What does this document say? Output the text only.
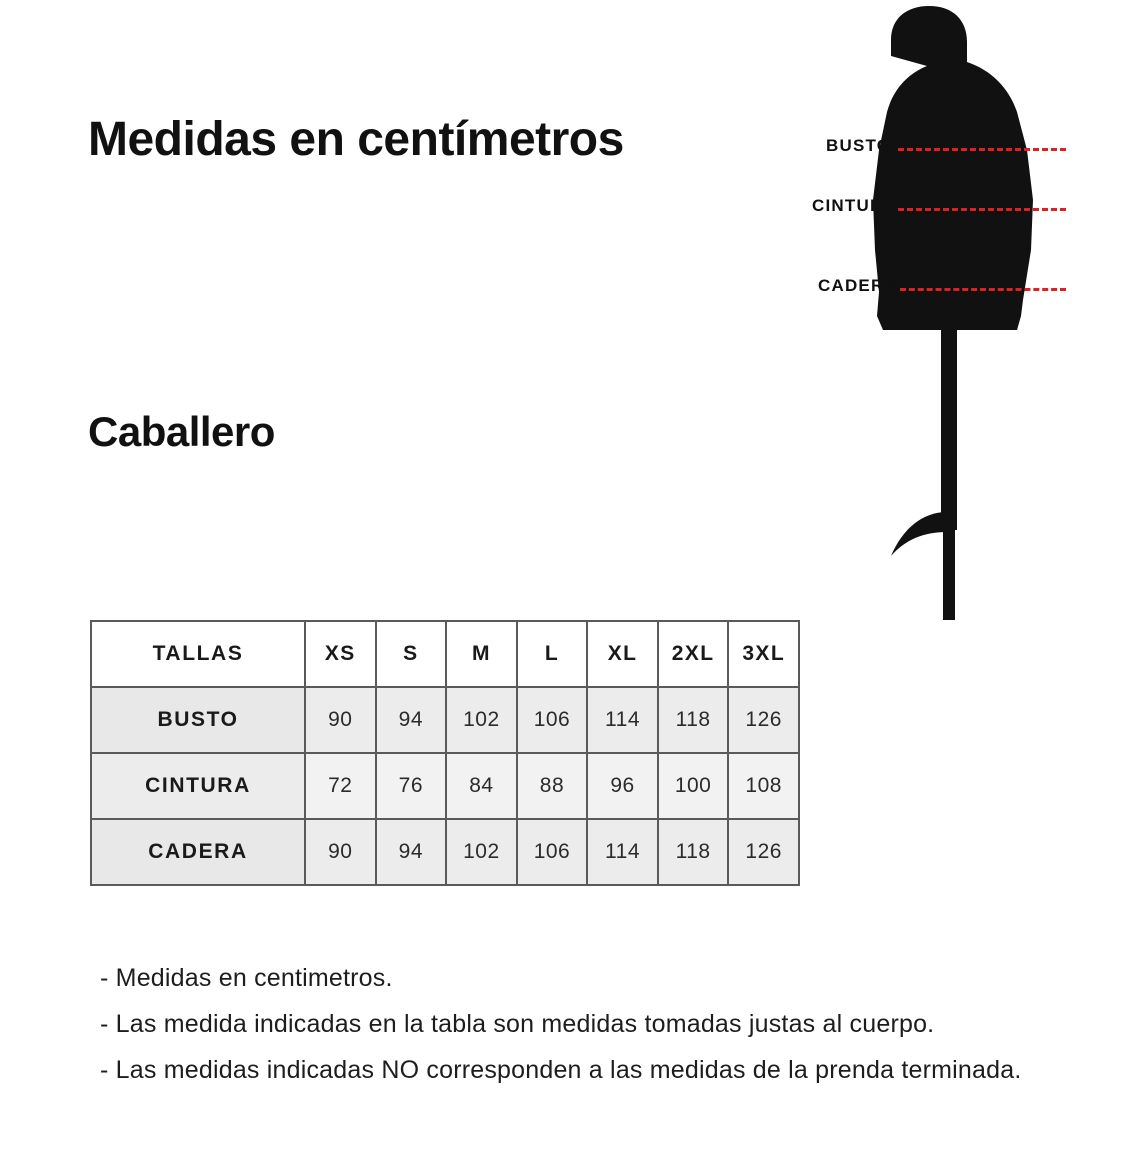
Medidas en centímetros
Caballero
BUSTO
CINTURA
CADERA
TALLAS	XS	S	M	L	XL	2XL	3XL
BUSTO	90	94	102	106	114	118	126
CINTURA	72	76	84	88	96	100	108
CADERA	90	94	102	106	114	118	126
- Medidas en centimetros.
- Las medida indicadas en la tabla son medidas tomadas justas al cuerpo.
- Las medidas indicadas NO corresponden a las medidas de la prenda terminada.
